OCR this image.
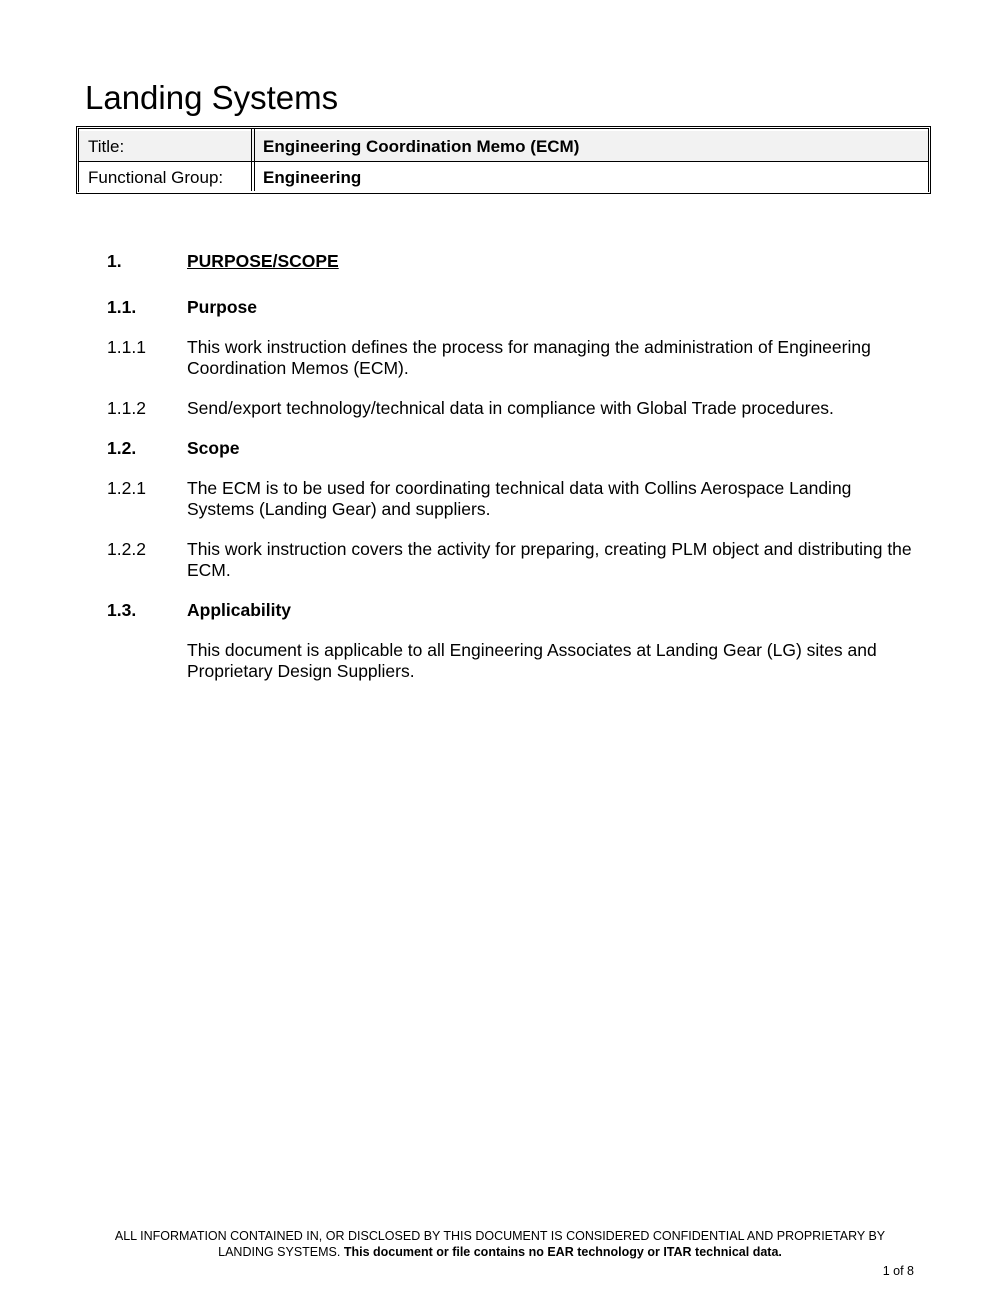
Landing Systems
Title:	Engineering Coordination Memo (ECM)
Functional Group: Engineering
1.	PURPOSE/SCOPE
1.1.	Purpose
1.1.1 This work instruction defines the process for managing the administration of Engineering Coordination Memos (ECM).
1.1.2 Send/export technology/technical data in compliance with Global Trade procedures.
1.2.	Scope
1.2.1 The ECM is to be used for coordinating technical data with Collins Aerospace Landing Systems (Landing Gear) and suppliers.
1.2.2 This work instruction covers the activity for preparing, creating PLM object and distributing the ECM.
1.3.	Applicability
This document is applicable to all Engineering Associates at Landing Gear (LG) sites and Proprietary Design Suppliers.
ALL INFORMATION CONTAINED IN, OR DISCLOSED BY THIS DOCUMENT IS CONSIDERED CONFIDENTIAL AND PROPRIETARY BY
LANDING SYSTEMS. This document or file contains no EAR technology or ITAR technical data.
1 of 8
